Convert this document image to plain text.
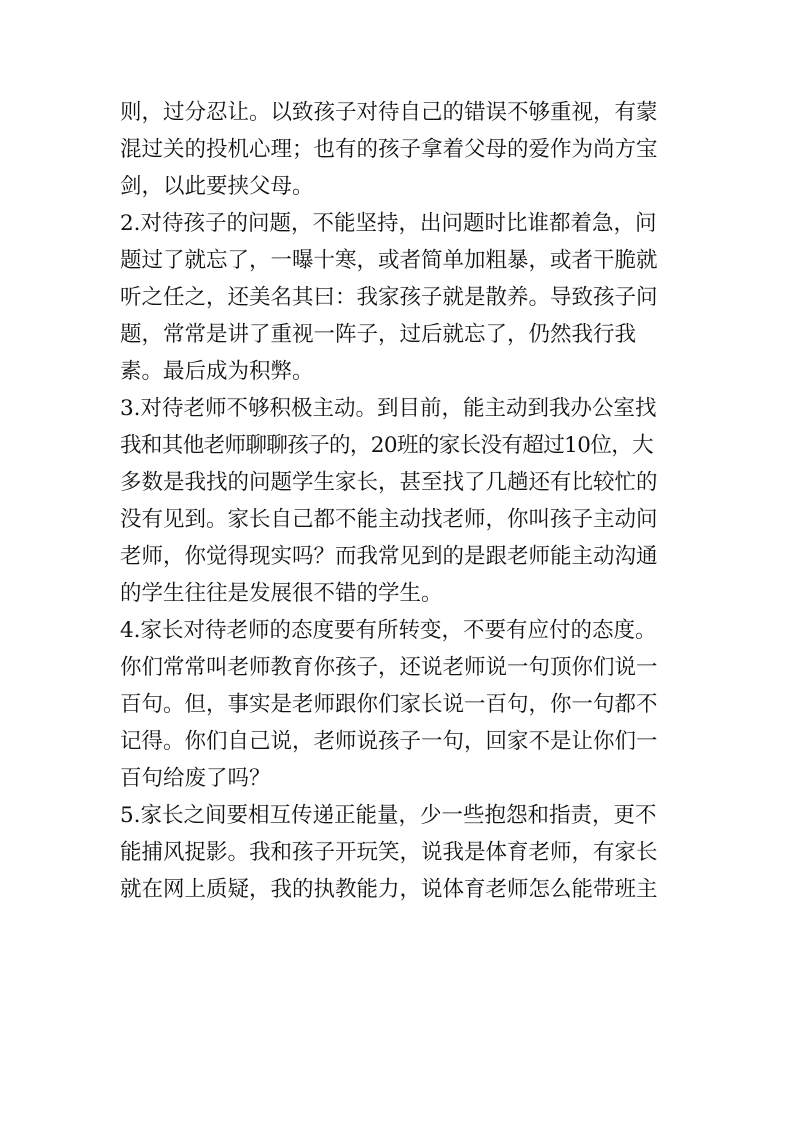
则，过分忍让。以致孩子对待自己的错误不够重视，有蒙
混过关的投机心理；也有的孩子拿着父母的爱作为尚方宝
剑，以此要挟父母。
2.对待孩子的问题，不能坚持，出问题时比谁都着急，问
题过了就忘了，一曝十寒，或者简单加粗暴，或者干脆就
听之任之，还美名其曰：我家孩子就是散养。导致孩子问
题，常常是讲了重视一阵子，过后就忘了，仍然我行我
素。最后成为积弊。
3.对待老师不够积极主动。到目前，能主动到我办公室找
我和其他老师聊聊孩子的，20班的家长没有超过10位，大
多数是我找的问题学生家长，甚至找了几趟还有比较忙的
没有见到。家长自己都不能主动找老师，你叫孩子主动问
老师，你觉得现实吗？而我常见到的是跟老师能主动沟通
的学生往往是发展很不错的学生。
4.家长对待老师的态度要有所转变，不要有应付的态度。
你们常常叫老师教育你孩子，还说老师说一句顶你们说一
百句。但，事实是老师跟你们家长说一百句，你一句都不
记得。你们自己说，老师说孩子一句，回家不是让你们一
百句给废了吗？
5.家长之间要相互传递正能量，少一些抱怨和指责，更不
能捕风捉影。我和孩子开玩笑，说我是体育老师，有家长
就在网上质疑，我的执教能力，说体育老师怎么能带班主
